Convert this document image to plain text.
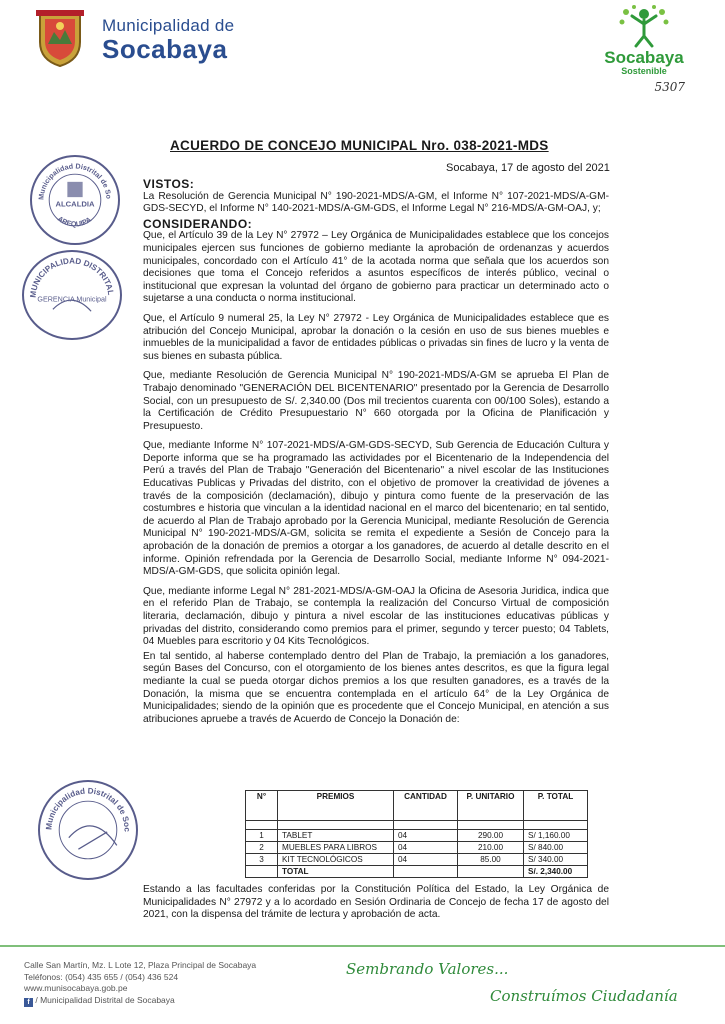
Municipalidad de
Socabaya	Socabaya
Sostenible
5307
Municipalidad Distrital de So
AREQUIPA
ALCALDIA
MUNICIPALIDAD DISTRITAL
GERENCIA Municipal
Municipalidad Distrital de Soc
ACUERDO DE CONCEJO MUNICIPAL Nro. 038-2021-MDS
Socabaya, 17 de agosto del 2021
VISTOS:

La Resolución de Gerencia Municipal N° 190-2021-MDS/A-GM, el Informe N° 107-2021-MDS/A-GM-GDS-SECYD, el Informe N° 140-2021-MDS/A-GM-GDS, el Informe Legal N° 216-MDS/A-GM-OAJ, y;

CONSIDERANDO:

Que, el Artículo 39 de la Ley N° 27972 – Ley Orgánica de Municipalidades establece que los concejos municipales ejercen sus funciones de gobierno mediante la aprobación de ordenanzas y acuerdos municipales, concordado con el Artículo 41° de la acotada norma que señala que los acuerdos son decisiones que toma el Concejo referidos a asuntos específicos de interés público, vecinal o institucional que expresan la voluntad del órgano de gobierno para practicar un determinado acto o sujetarse a una conducta o norma institucional.

Que, el Artículo 9 numeral 25, la Ley N° 27972 - Ley Orgánica de Municipalidades establece que es atribución del Concejo Municipal, aprobar la donación o la cesión en uso de sus bienes muebles e inmuebles de la municipalidad a favor de entidades públicas o privadas sin fines de lucro y la venta de sus bienes en subasta pública.

Que, mediante Resolución de Gerencia Municipal N° 190-2021-MDS/A-GM se aprueba El Plan de Trabajo denominado "GENERACIÓN DEL BICENTENARIO" presentado por la Gerencia de Desarrollo Social, con un presupuesto de S/. 2,340.00 (Dos mil trecientos cuarenta con 00/100 Soles), estando a la Certificación de Crédito Presupuestario N° 660 otorgada por la Oficina de Planificación y Presupuesto.

Que, mediante Informe N° 107-2021-MDS/A-GM-GDS-SECYD, Sub Gerencia de Educación Cultura y Deporte informa que se ha programado las actividades por el Bicentenario de la Independencia del Perú a través del Plan de Trabajo "Generación del Bicentenario" a nivel escolar de las Instituciones Educativas Publicas y Privadas del distrito, con el objetivo de promover la creatividad de jóvenes a través de la composición (declamación), dibujo y pintura como fuente de la preservación de las costumbres e historia que vinculan a la identidad nacional en el marco del bicentenario; en tal sentido, de acuerdo al Plan de Trabajo aprobado por la Gerencia Municipal, mediante Resolución de Gerencia Municipal N° 190-2021-MDS/A-GM, solicita se remita el expediente a Sesión de Concejo para la aprobación de la donación de premios a otorgar a los ganadores, de acuerdo al detalle descrito en el informe. Opinión refrendada por la Gerencia de Desarrollo Social, mediante Informe N° 094-2021-MDS/A-GM-GDS, que solicita opinión legal.

Que, mediante informe Legal N° 281-2021-MDS/A-GM-OAJ la Oficina de Asesoria Juridica, indica que en el referido Plan de Trabajo, se contempla la realización del Concurso Virtual de composición literaria, declamación, dibujo y pintura a nivel escolar de las instituciones educativas públicas y privadas del distrito, considerando como premios para el primer, segundo y tercer puesto; 04 Tablets, 04 Muebles para escritorio y 04 Kits Tecnológicos.

En tal sentido, al haberse contemplado dentro del Plan de Trabajo, la premiación a los ganadores, según Bases del Concurso, con el otorgamiento de los bienes antes descritos, es que la figura legal mediante la cual se pueda otorgar dichos premios a los que resulten ganadores, es a través de la Donación, la misma que se encuentra contemplada en el artículo 64° de la Ley Orgánica de Municipalidades; siendo de la opinión que es procedente que el Concejo Municipal, en atención a sus atribuciones apruebe a través de Acuerdo de Concejo la Donación de:

N°	PREMIOS	CANTIDAD	P. UNITARIO	P. TOTAL

1	TABLET	04	290.00	S/ 1,160.00
2	MUEBLES PARA LIBROS	04	210.00	S/ 840.00
3	KIT TECNOLÓGICOS	04	85.00	S/ 340.00
	TOTAL			S/. 2,340.00
Estando a las facultades conferidas por la Constitución Política del Estado, la Ley Orgánica de Municipalidades N° 27972 y a lo acordado en Sesión Ordinaria de Concejo de fecha 17 de agosto del 2021, con la dispensa del trámite de lectura y aprobación de acta.
Calle San Martín, Mz. L Lote 12, Plaza Principal de Socabaya
Teléfonos: (054) 435 655 / (054) 436 524
www.munisocabaya.gob.pe
f / Municipalidad Distrital de Socabaya
Sembrando Valores...
Construímos Ciudadanía
